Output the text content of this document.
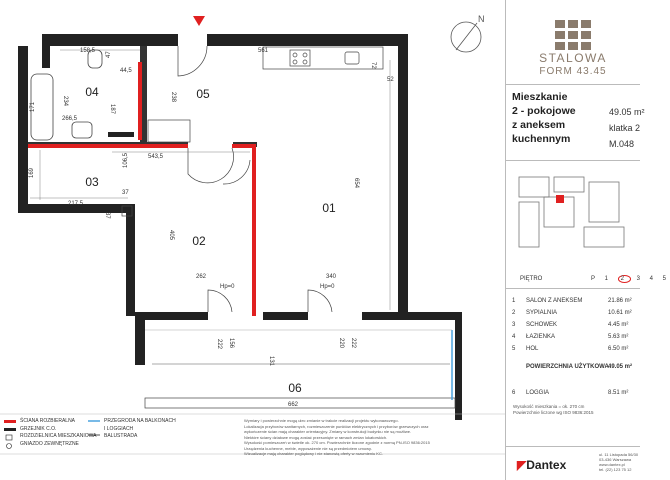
N
04	05
03
01
02
06
158,5
47
44,5
561
72
52
171
234
187
238
266,5
543,5
106,5
169
37
217,5
37
654
405
262	340
Hp=0	Hp=0
222 156
131
220 222
662
ŚCIANA ROZBIERALNA
GRZEJNIK C.O.
ROZDZIELNICA MIESZKANIOWA
GNIAZDO ZEWNĘTRZNE
PRZEGRODA NA BALKONACH
I LOGGIACH
BALUSTRADA
Wymiary i powierzchnie mogą ulec zmianie w trakcie realizacji projektu wykonawczego.
Lokalizacja przyborów sanitarnych, rozmieszczenie punktów elektrycznych i przyborów grzewczych oraz
wykończenie ścian mają charakter orientacyjny. Zmiany w konstrukcji budynku nie są możliwe.
Niektóre ściany działowe mogą zostać przesunięte w ramach zmian lokatorskich.
Wysokość pomieszczeń w świetle ok. 270 cm. Powierzchnie liczone zgodnie z normą PN-ISO 9836:2015
Urządzenia kuchenne, meble, wyposażenie nie są przedmiotem umowy.
Wizualizacje mają charakter poglądowy i nie stanowią oferty w rozumieniu KC.
STALOWA
FORM 43.45
Mieszkanie
2 - pokojowe
z aneksem
kuchennym
49.05 m²
klatka 2
M.048
PIĘTRO	P 1 2 3 4 5
1 SALON Z ANEKSEM	21.86 m²
2 SYPIALNIA	10.61 m²
3 SCHOWEK	4.45 m²
4 ŁAZIENKA	5.63 m²
5 HOL	6.50 m²
POWIERZCHNIA UŻYTKOWA49.05 m²
6 LOGGIA	8.51 m²
ul. 11 Listopada 56/30
03-436 Warszawa
www.dantex.pl
tel. (22) 123 75 12
Wysokość mieszkania = ok. 270 cm
Powierzchnie liczone wg ISO 9836:2015
◤Dantex
